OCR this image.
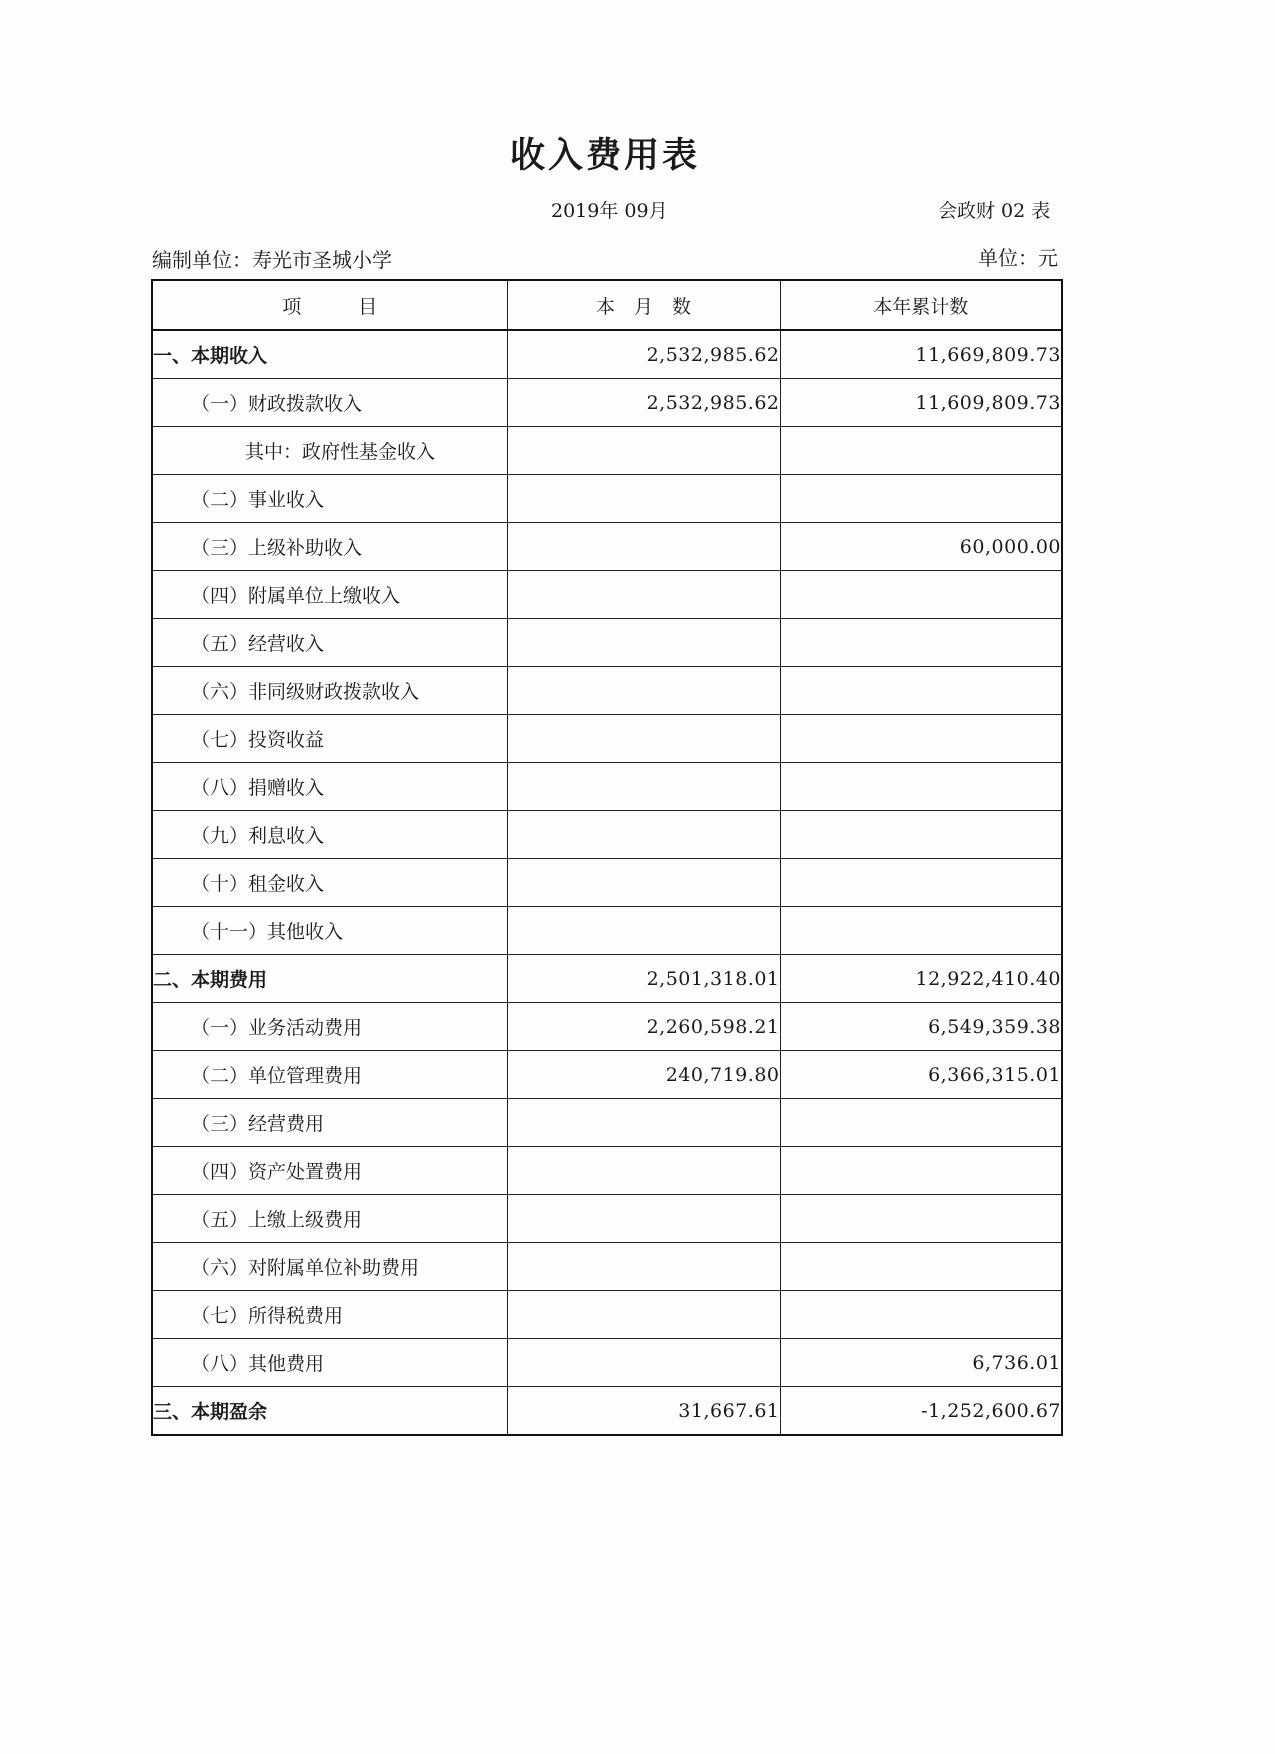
收入费用表
2019年 09月	会政财 02 表
编制单位：寿光市圣城小学	单位：元
项　　　目	本　月　数	本年累计数
一、本期收入	2,532,985.62	11,669,809.73
（一）财政拨款收入	2,532,985.62	11,609,809.73
其中：政府性基金收入		
（二）事业收入		
（三）上级补助收入		60,000.00
（四）附属单位上缴收入		
（五）经营收入		
（六）非同级财政拨款收入		
（七）投资收益		
（八）捐赠收入		
（九）利息收入		
（十）租金收入		
（十一）其他收入		
二、本期费用	2,501,318.01	12,922,410.40
（一）业务活动费用	2,260,598.21	6,549,359.38
（二）单位管理费用	240,719.80	6,366,315.01
（三）经营费用		
（四）资产处置费用		
（五）上缴上级费用		
（六）对附属单位补助费用		
（七）所得税费用		
（八）其他费用		6,736.01
三、本期盈余	31,667.61	-1,252,600.67
